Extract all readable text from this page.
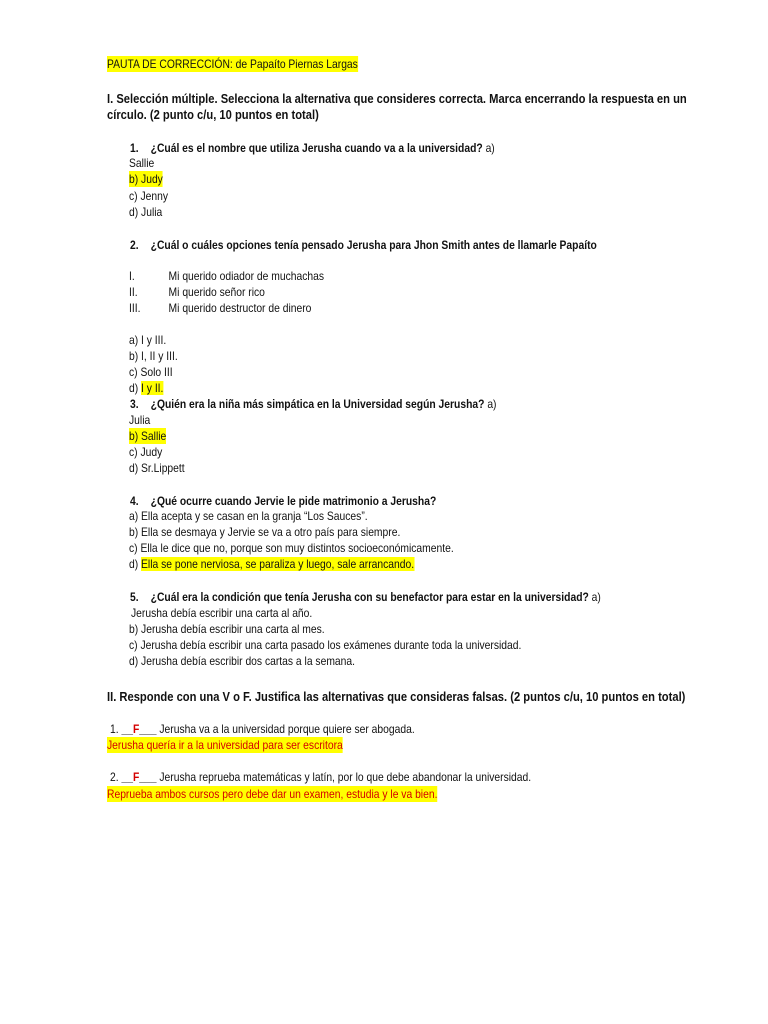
PAUTA DE CORRECCIÓN: de Papaíto Piernas Largas
I. Selección múltiple. Selecciona la alternativa que consideres correcta. Marca encerrando la respuesta en un
círculo. (2 punto c/u, 10 puntos en total)
1. ¿Cuál es el nombre que utiliza Jerusha cuando va a la universidad? a)
Sallie
b) Judy
c) Jenny
d) Julia
2. ¿Cuál o cuáles opciones tenía pensado Jerusha para Jhon Smith antes de llamarle Papaíto
I.	Mi querido odiador de muchachas
II.	Mi querido señor rico
III. Mi querido destructor de dinero
a) I y III.
b) I, II y III.
c) Solo III
d) I y II.
3. ¿Quién era la niña más simpática en la Universidad según Jerusha? a)
Julia
b) Sallie
c) Judy
d) Sr.Lippett
4. ¿Qué ocurre cuando Jervie le pide matrimonio a Jerusha?
a) Ella acepta y se casan en la granja “Los Sauces”.
b) Ella se desmaya y Jervie se va a otro país para siempre.
c) Ella le dice que no, porque son muy distintos socioeconómicamente.
d) Ella se pone nerviosa, se paraliza y luego, sale arrancando.
5. ¿Cuál era la condición que tenía Jerusha con su benefactor para estar en la universidad? a)
Jerusha debía escribir una carta al año.
b) Jerusha debía escribir una carta al mes.
c) Jerusha debía escribir una carta pasado los exámenes durante toda la universidad.
d) Jerusha debía escribir dos cartas a la semana.
II. Responde con una V o F. Justifica las alternativas que consideras falsas. (2 puntos c/u, 10 puntos en total)
1. __F___ Jerusha va a la universidad porque quiere ser abogada.
Jerusha quería ir a la universidad para ser escritora
2. __F___ Jerusha reprueba matemáticas y latín, por lo que debe abandonar la universidad.
Reprueba ambos cursos pero debe dar un examen, estudia y le va bien.
